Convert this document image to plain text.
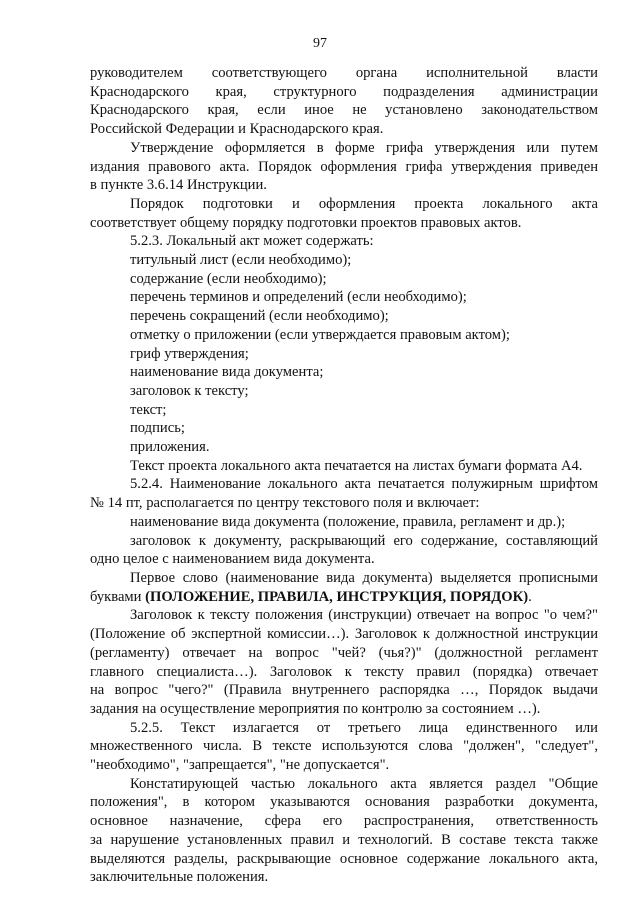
97
руководителем соответствующего органа исполнительной власти
Краснодарского края, структурного подразделения администрации
Краснодарского края, если иное не установлено законодательством
Российской Федерации и Краснодарского края.
Утверждение оформляется в форме грифа утверждения или путем
издания правового акта. Порядок оформления грифа утверждения приведен
в пункте 3.6.14 Инструкции.
Порядок подготовки и оформления проекта локального акта
соответствует общему порядку подготовки проектов правовых актов.
5.2.3. Локальный акт может содержать:
титульный лист (если необходимо);
содержание (если необходимо);
перечень терминов и определений (если необходимо);
перечень сокращений (если необходимо);
отметку о приложении (если утверждается правовым актом);
гриф утверждения;
наименование вида документа;
заголовок к тексту;
текст;
подпись;
приложения.
Текст проекта локального акта печатается на листах бумаги формата А4.
5.2.4. Наименование локального акта печатается полужирным шрифтом
№ 14 пт, располагается по центру текстового поля и включает:
наименование вида документа (положение, правила, регламент и др.);
заголовок к документу, раскрывающий его содержание, составляющий
одно целое с наименованием вида документа.
Первое слово (наименование вида документа) выделяется прописными
буквами (ПОЛОЖЕНИЕ, ПРАВИЛА, ИНСТРУКЦИЯ, ПОРЯДОК).
Заголовок к тексту положения (инструкции) отвечает на вопрос "о чем?"
(Положение об экспертной комиссии…). Заголовок к должностной инструкции
(регламенту) отвечает на вопрос "чей? (чья?)" (должностной регламент
главного специалиста…). Заголовок к тексту правил (порядка) отвечает
на вопрос "чего?" (Правила внутреннего распорядка …, Порядок выдачи
задания на осуществление мероприятия по контролю за состоянием …).
5.2.5. Текст излагается от третьего лица единственного или
множественного числа. В тексте используются слова "должен", "следует",
"необходимо", "запрещается", "не допускается".
Констатирующей частью локального акта является раздел "Общие
положения", в котором указываются основания разработки документа,
основное назначение, сфера его распространения, ответственность
за нарушение установленных правил и технологий. В составе текста также
выделяются разделы, раскрывающие основное содержание локального акта,
заключительные положения.
